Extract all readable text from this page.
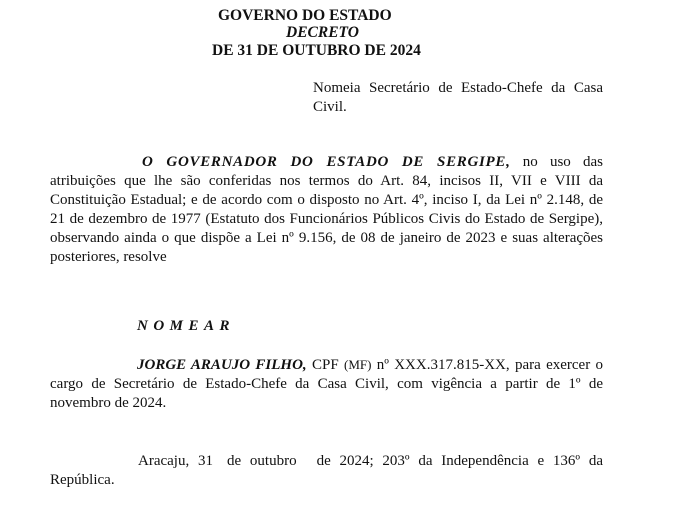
GOVERNO DO ESTADO
DECRETO
DE 31 DE OUTUBRO DE 2024
Nomeia Secretário de Estado-Chefe da Casa Civil.
O GOVERNADOR DO ESTADO DE SERGIPE, no uso das atribuições que lhe são conferidas nos termos do Art. 84, incisos II, VII e VIII da Constituição Estadual; e de acordo com o disposto no Art. 4º, inciso I, da Lei nº 2.148, de 21 de dezembro de 1977 (Estatuto dos Funcionários Públicos Civis do Estado de Sergipe), observando ainda o que dispõe a Lei nº 9.156, de 08 de janeiro de 2023 e suas alterações posteriores, resolve
NOMEAR
JORGE ARAUJO FILHO, CPF (MF) nº XXX.317.815-XX, para exercer o cargo de Secretário de Estado-Chefe da Casa Civil, com vigência a partir de 1º de novembro de 2024.
Aracaju, 31 de outubro de 2024; 203º da Independência e 136º da República.
